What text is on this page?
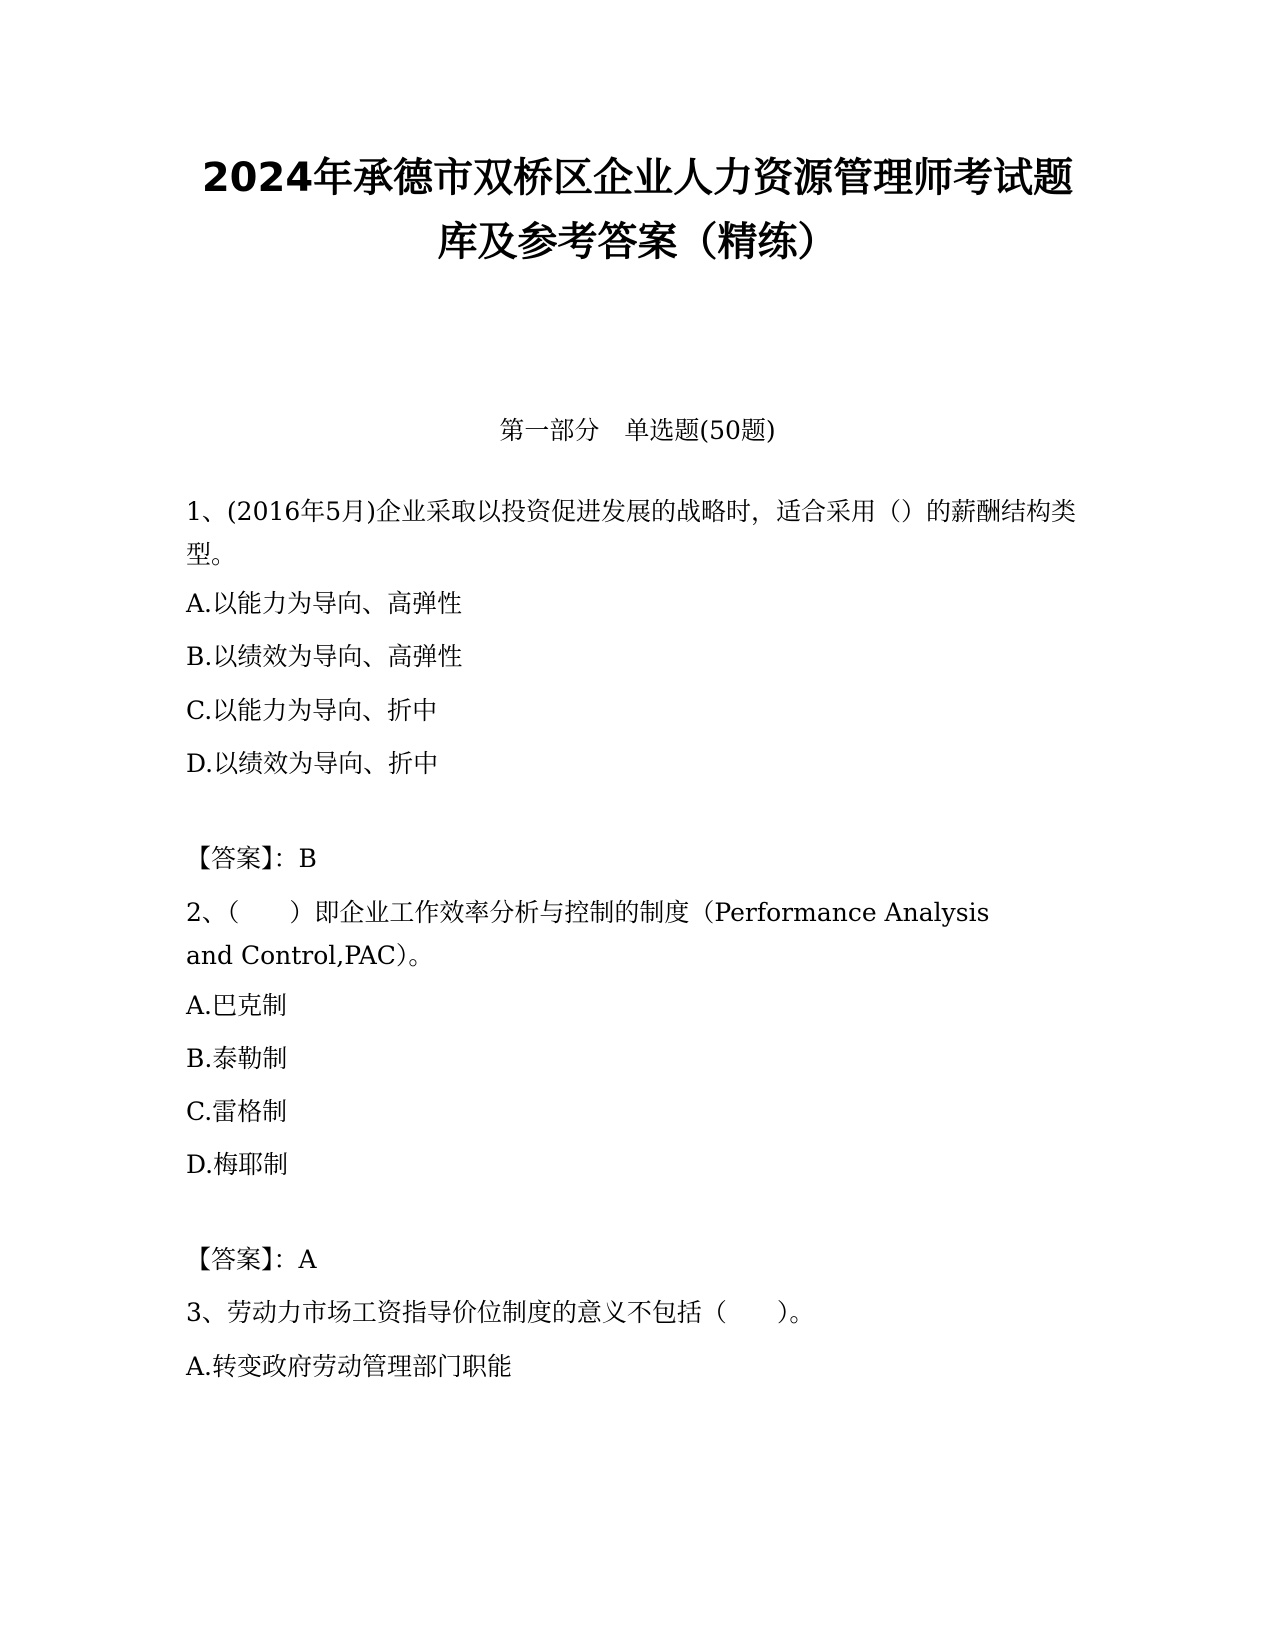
2024年承德市双桥区企业人力资源管理师考试题
库及参考答案（精练）

第一部分　单选题(50题)

1、(2016年5月)企业采取以投资促进发展的战略时，适合采用（）的薪酬结构类型。

A.以能力为导向、高弹性

B.以绩效为导向、高弹性

C.以能力为导向、折中

D.以绩效为导向、折中

【答案】：B

2、（　　）即企业工作效率分析与控制的制度（Performance Analysis and Control,PAC）。

A.巴克制

B.泰勒制

C.雷格制

D.梅耶制

【答案】：A

3、劳动力市场工资指导价位制度的意义不包括（　　）。

A.转变政府劳动管理部门职能
